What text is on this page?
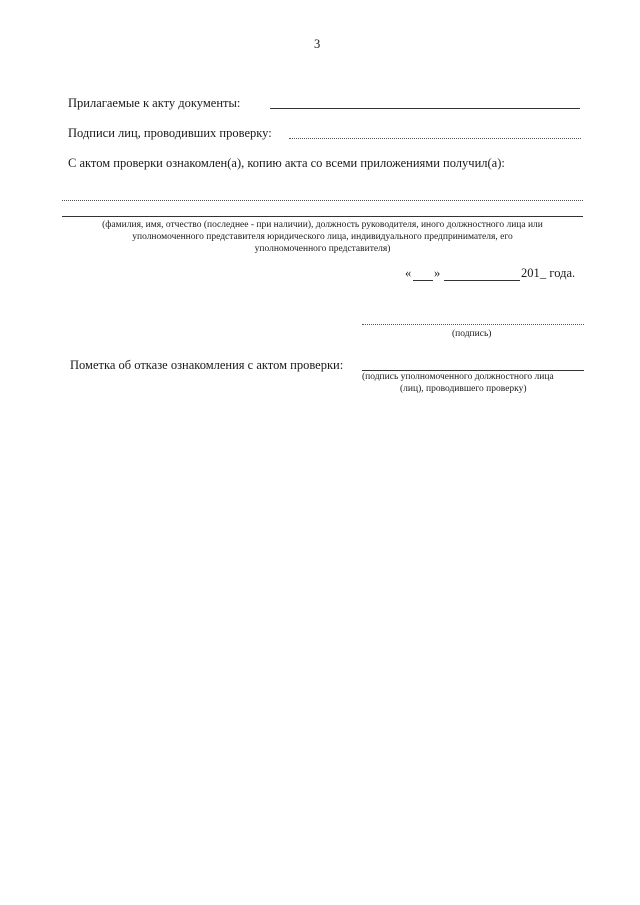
3
Прилагаемые к акту документы:
Подписи лиц, проводивших проверку:
С актом проверки ознакомлен(а), копию акта со всеми приложениями получил(а):
(фамилия, имя, отчество (последнее - при наличии), должность руководителя, иного должностного лица или
уполномоченного представителя юридического лица, индивидуального предпринимателя, его
уполномоченного представителя)
« »	201 _ года.
(подпись)
Пометка об отказе ознакомления с актом проверки:
(подпись уполномоченного должностного лица
(лиц), проводившего проверку)
